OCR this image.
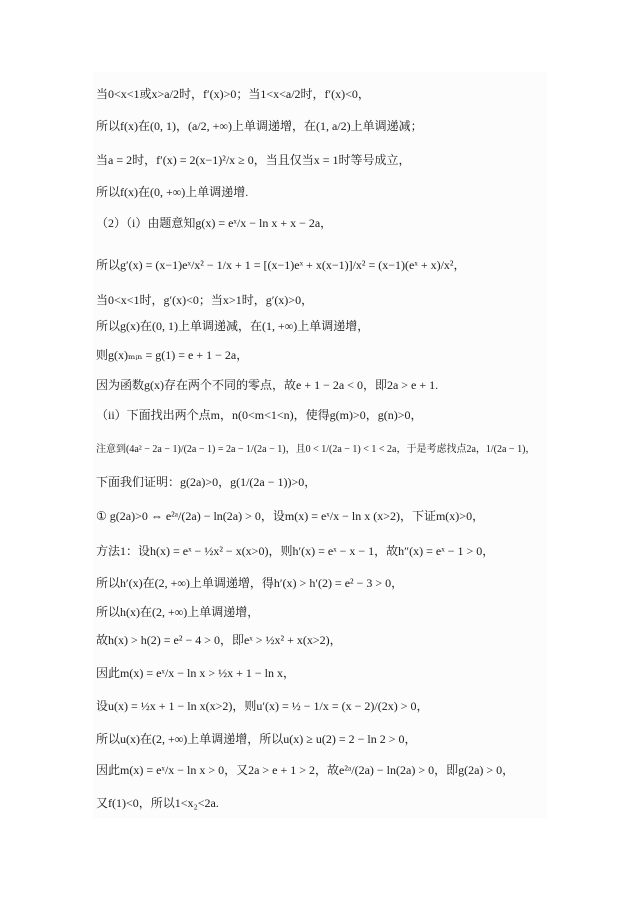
当0<x<1或x>a/2时，f′(x)>0；当1<x<a/2时，f′(x)<0，
所以f(x)在(0, 1)，(a/2, +∞)上单调递增，在(1, a/2)上单调递减；
当a = 2时，f′(x) = 2(x−1)²/x ≥ 0，当且仅当x = 1时等号成立，
所以f(x)在(0, +∞)上单调递增.
（2）（i）由题意知g(x) = eˣ/x − ln x + x − 2a，
所以g′(x) = (x−1)eˣ/x² − 1/x + 1 = [(x−1)eˣ + x(x−1)]/x² = (x−1)(eˣ + x)/x²，
当0<x<1时，g′(x)<0；当x>1时，g′(x)>0，
所以g(x)在(0, 1)上单调递减，在(1, +∞)上单调递增，
则g(x)ₘᵢₙ = g(1) = e + 1 − 2a，
因为函数g(x)存在两个不同的零点，故e + 1 − 2a < 0，即2a > e + 1.
（ii）下面找出两个点m，n(0<m<1<n)，使得g(m)>0，g(n)>0，
注意到(4a² − 2a − 1)/(2a − 1) = 2a − 1/(2a − 1)，且0 < 1/(2a − 1) < 1 < 2a，于是考虑找点2a，1/(2a − 1)，
下面我们证明：g(2a)>0，g(1/(2a − 1))>0，
① g(2a)>0 ⇔ e²ᵃ/(2a) − ln(2a) > 0，设m(x) = eˣ/x − ln x (x>2)，下证m(x)>0，
方法1：设h(x) = eˣ − ½x² − x(x>0)，则h′(x) = eˣ − x − 1，故h″(x) = eˣ − 1 > 0，
所以h′(x)在(2, +∞)上单调递增，得h′(x) > h′(2) = e² − 3 > 0，
所以h(x)在(2, +∞)上单调递增，
故h(x) > h(2) = e² − 4 > 0，即eˣ > ½x² + x(x>2)，
因此m(x) = eˣ/x − ln x > ½x + 1 − ln x，
设u(x) = ½x + 1 − ln x(x>2)，则u′(x) = ½ − 1/x = (x − 2)/(2x) > 0，
所以u(x)在(2, +∞)上单调递增，所以u(x) ≥ u(2) = 2 − ln 2 > 0，
因此m(x) = eˣ/x − ln x > 0，又2a > e + 1 > 2，故e²ᵃ/(2a) − ln(2a) > 0，即g(2a) > 0，
又f(1)<0，所以1<x₂<2a.
